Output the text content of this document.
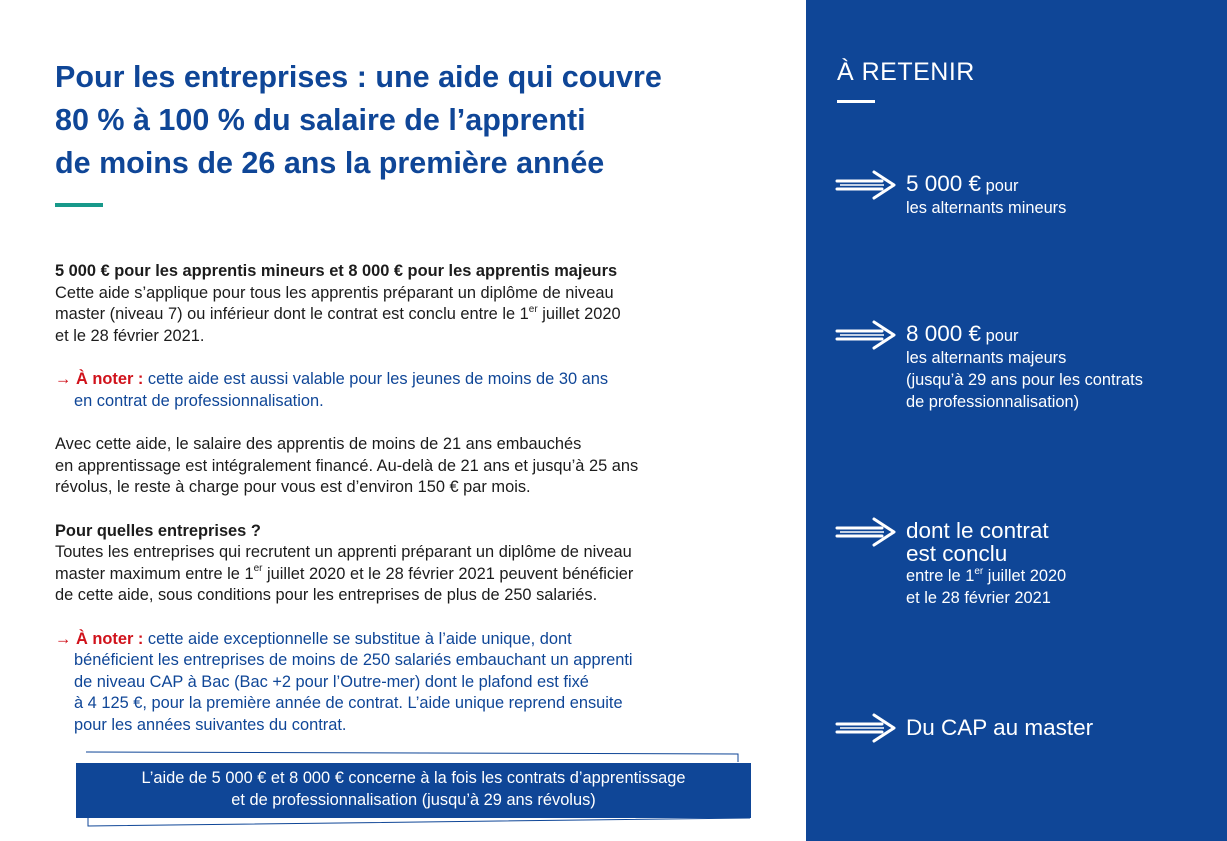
Pour les entreprises : une aide qui couvre
80 % à 100 % du salaire de l’apprenti
de moins de 26 ans la première année

5 000 € pour les apprentis mineurs et 8 000 € pour les apprentis majeurs

Cette aide s’applique pour tous les apprentis préparant un diplôme de niveau

master (niveau 7) ou inférieur dont le contrat est conclu entre le 1er juillet 2020

et le 28 février 2021.

→ À noter : cette aide est aussi valable pour les jeunes de moins de 30 ans

en contrat de professionnalisation.

Avec cette aide, le salaire des apprentis de moins de 21 ans embauchés

en apprentissage est intégralement financé. Au-delà de 21 ans et jusqu’à 25 ans

révolus, le reste à charge pour vous est d’environ 150 € par mois.

Pour quelles entreprises ?

Toutes les entreprises qui recrutent un apprenti préparant un diplôme de niveau

master maximum entre le 1er juillet 2020 et le 28 février 2021 peuvent bénéficier

de cette aide, sous conditions pour les entreprises de plus de 250 salariés.

→ À noter : cette aide exceptionnelle se substitue à l’aide unique, dont

bénéficient les entreprises de moins de 250 salariés embauchant un apprenti

de niveau CAP à Bac (Bac +2 pour l’Outre-mer) dont le plafond est fixé

à 4 125 €, pour la première année de contrat. L’aide unique reprend ensuite

pour les années suivantes du contrat.

L’aide de 5 000 € et 8 000 € concerne à la fois les contrats d’apprentissage

et de professionnalisation (jusqu’à 29 ans révolus)

À RETENIR
5 000 € pour
les alternants mineurs
8 000 € pour
les alternants majeurs
(jusqu’à 29 ans pour les contrats
de professionnalisation)
dont le contrat
est conclu
entre le 1er juillet 2020
et le 28 février 2021
Du CAP au master
